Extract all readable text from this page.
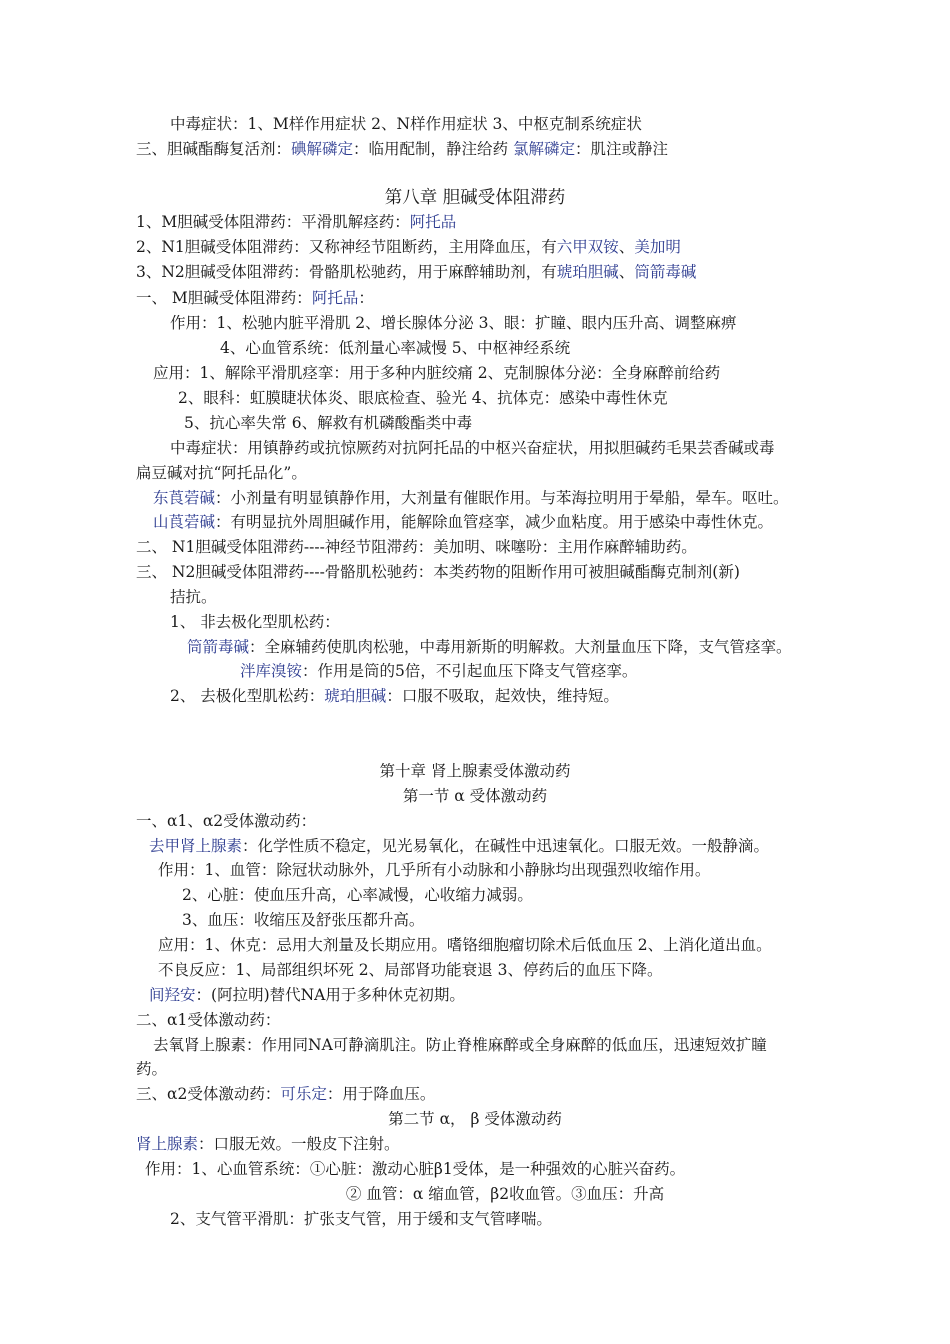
中毒症状：1、M样作用症状 2、N样作用症状 3、中枢克制系统症状
三、胆碱酯酶复活剂：碘解磷定：临用配制，静注给药 氯解磷定：肌注或静注
第八章 胆碱受体阻滞药
1、M胆碱受体阻滞药：平滑肌解痉药：阿托品
2、N1胆碱受体阻滞药：又称神经节阻断药，主用降血压，有六甲双铵、美加明
3、N2胆碱受体阻滞药：骨骼肌松驰药，用于麻醉辅助剂，有琥珀胆碱、筒箭毒碱
一、 M胆碱受体阻滞药：阿托品：
作用：1、松驰内脏平滑肌 2、增长腺体分泌 3、眼：扩瞳、眼内压升高、调整麻痹
4、心血管系统：低剂量心率减慢 5、中枢神经系统
应用：1、解除平滑肌痉挛：用于多种内脏绞痛 2、克制腺体分泌：全身麻醉前给药
2、眼科：虹膜睫状体炎、眼底检查、验光 4、抗体克：感染中毒性休克
5、抗心率失常 6、解救有机磷酸酯类中毒
中毒症状：用镇静药或抗惊厥药对抗阿托品的中枢兴奋症状，用拟胆碱药毛果芸香碱或毒
扁豆碱对抗“阿托品化”。
东莨菪碱：小剂量有明显镇静作用，大剂量有催眠作用。与苯海拉明用于晕船，晕车。呕吐。
山莨菪碱：有明显抗外周胆碱作用，能解除血管痉挛，减少血粘度。用于感染中毒性休克。
二、 N1胆碱受体阻滞药----神经节阻滞药：美加明、咪噻吩：主用作麻醉辅助药。
三、 N2胆碱受体阻滞药----骨骼肌松驰药：本类药物的阻断作用可被胆碱酯酶克制剂(新)
拮抗。
1、 非去极化型肌松药：
筒箭毒碱：全麻辅药使肌肉松驰，中毒用新斯的明解救。大剂量血压下降，支气管痉挛。
泮库溴铵：作用是筒的5倍，不引起血压下降支气管痉挛。
2、 去极化型肌松药：琥珀胆碱：口服不吸取，起效快，维持短。
第十章 肾上腺素受体激动药
第一节 α 受体激动药
一、α1、α2受体激动药：
去甲肾上腺素：化学性质不稳定，见光易氧化，在碱性中迅速氧化。口服无效。一般静滴。
作用：1、血管：除冠状动脉外，几乎所有小动脉和小静脉均出现强烈收缩作用。
2、心脏：使血压升高，心率减慢，心收缩力减弱。
3、血压：收缩压及舒张压都升高。
应用：1、休克：忌用大剂量及长期应用。嗜铬细胞瘤切除术后低血压 2、上消化道出血。
不良反应：1、局部组织坏死 2、局部肾功能衰退 3、停药后的血压下降。
间羟安：(阿拉明)替代NA用于多种休克初期。
二、α1受体激动药：
去氧肾上腺素：作用同NA可静滴肌注。防止脊椎麻醉或全身麻醉的低血压，迅速短效扩瞳
药。
三、α2受体激动药：可乐定：用于降血压。
第二节 α， β 受体激动药
肾上腺素：口服无效。一般皮下注射。
作用：1、心血管系统：①心脏：激动心脏β1受体，是一种强效的心脏兴奋药。
② 血管：α 缩血管，β2收血管。③血压：升高
2、支气管平滑肌：扩张支气管，用于缓和支气管哮喘。
